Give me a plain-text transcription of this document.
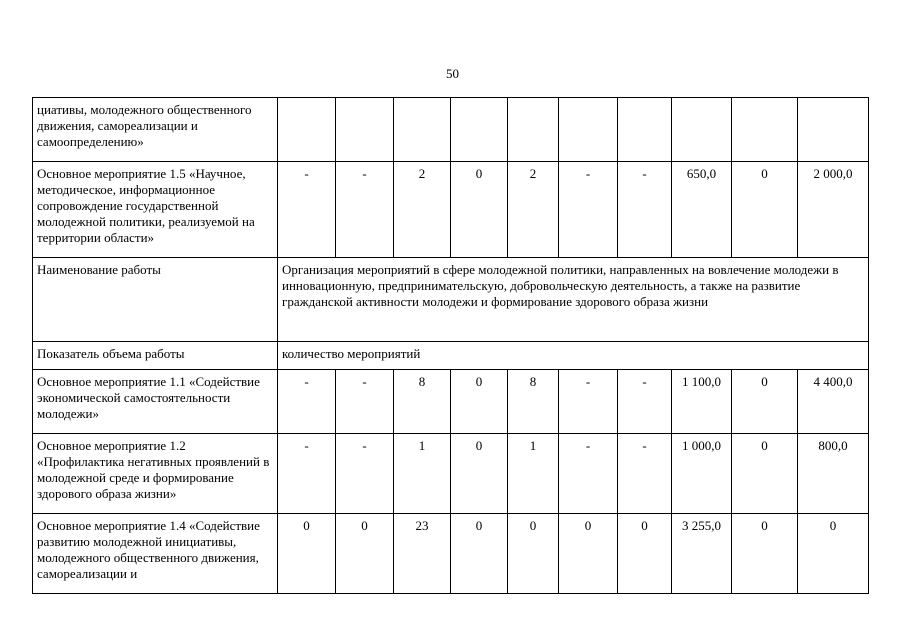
50
циативы, молодежного общественного движения, самореализации и самоопределению»										
Основное мероприятие 1.5 «Научное, методическое, информационное сопровождение государственной молодежной политики, реализуемой на территории области»	-	-	2	0	2	-	-	650,0	0	2 000,0
Наименование работы	Организация мероприятий в сфере молодежной политики, направленных на вовлечение молодежи в инновационную, предпринимательскую, добровольческую деятельность, а также на развитие гражданской активности молодежи и формирование здорового образа жизни									
Показатель объема работы	количество мероприятий									
Основное мероприятие 1.1 «Содействие экономической самостоятельности молодежи»	-	-	8	0	8	-	-	1 100,0	0	4 400,0
Основное мероприятие 1.2 «Профилактика негативных проявлений в молодежной среде и формирование здорового образа жизни»	-	-	1	0	1	-	-	1 000,0	0	800,0
Основное мероприятие 1.4 «Содействие развитию молодежной инициативы, молодежного общественного движения, самореализации и	0	0	23	0	0	0	0	3 255,0	0	0
